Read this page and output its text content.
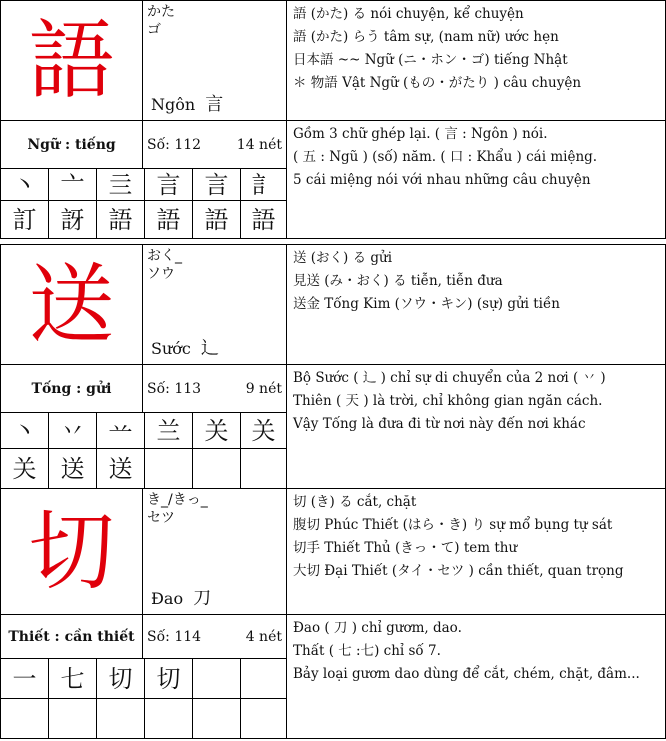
語 かた
ゴ
Ngôn 言

語 (かた) る nói chuyện, kể chuyện

語 (かた) らう tâm sự, (nam nữ) ước hẹn

日本語 ~~ Ngữ (ニ・ホン・ゴ) tiếng Nhật

＊ 物語 Vật Ngữ (もの・がたり ) câu chuyện

Ngữ : tiếng Số: 112	14 nét

Gồm 3 chữ ghép lại. ( 言 : Ngôn ) nói.

( 五 : Ngũ ) (số) năm. ( 口 : Khẩu ) cái miệng.

5 cái miệng nói với nhau những câu chuyện

丶 亠 亖 言 言 訁
訂 訝 語 語 語 語
送 おく_
ソウ
Sước 辶

送 (おく) る gửi

見送 (み・おく) る tiễn, tiễn đưa

送金 Tống Kim (ソウ・キン) (sự) gửi tiền

Tống : gửi	Số: 113	9 nét

Bộ Sước ( 辶 ) chỉ sự di chuyển của 2 nơi ( 丷 )

Thiên ( 天 ) là trời, chỉ không gian ngăn cách.

Vậy Tống là đưa đi từ nơi này đến nơi khác

丶 丷 䒑 兰 关 关
关 送 送
切
き_/きっ_
セツ
Đao 刀

切 (き) る cắt, chặt

腹切 Phúc Thiết (はら・き) り sự mổ bụng tự sát

切手 Thiết Thủ (きっ・て) tem thư

大切 Đại Thiết (タイ・セツ ) cần thiết, quan trọng

Thiết : cần thiết Số: 114	4 nét

Đao ( 刀 ) chỉ gươm, dao.

Thất ( 七 :七) chỉ số 7.

Bảy loại gươm dao dùng để cắt, chém, chặt, đâm...

一 七 切 切
